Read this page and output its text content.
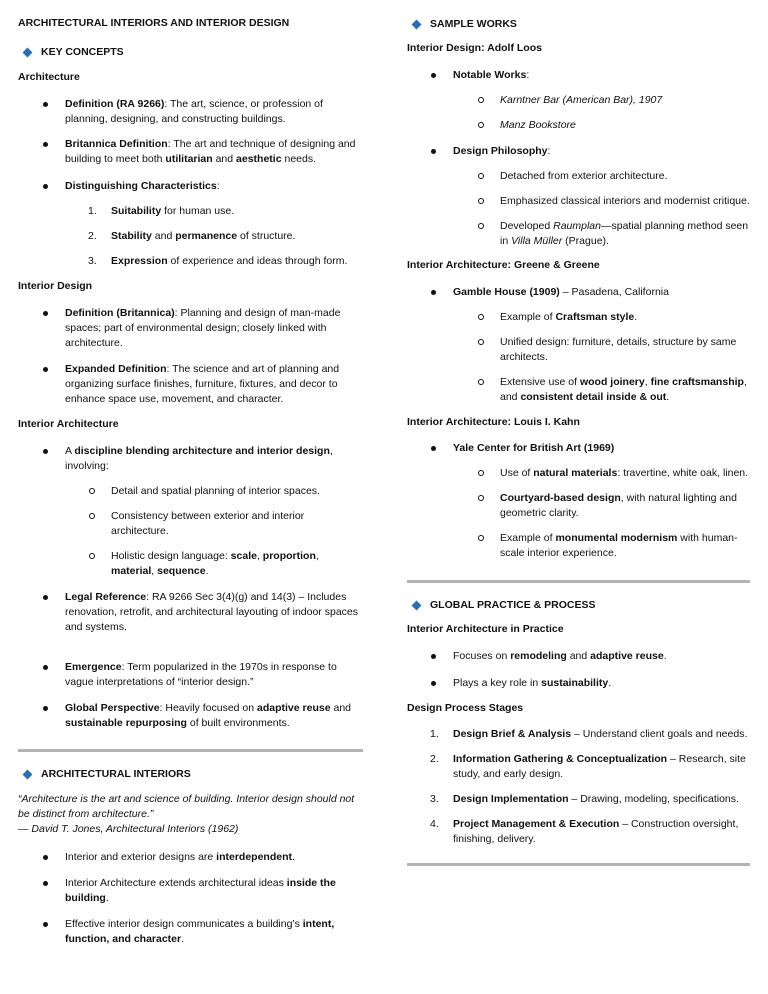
ARCHITECTURAL INTERIORS AND INTERIOR DESIGN
KEY CONCEPTS
Architecture
Definition (RA 9266): The art, science, or profession of planning, designing, and constructing buildings.
Britannica Definition: The art and technique of designing and building to meet both utilitarian and aesthetic needs.
Distinguishing Characteristics:
1. Suitability for human use.
2. Stability and permanence of structure.
3. Expression of experience and ideas through form.
Interior Design
Definition (Britannica): Planning and design of man-made spaces; part of environmental design; closely linked with architecture.
Expanded Definition: The science and art of planning and organizing surface finishes, furniture, fixtures, and decor to enhance space use, movement, and character.
Interior Architecture
A discipline blending architecture and interior design, involving:
Detail and spatial planning of interior spaces.
Consistency between exterior and interior architecture.
Holistic design language: scale, proportion, material, sequence.
Legal Reference: RA 9266 Sec 3(4)(g) and 14(3) – Includes renovation, retrofit, and architectural layouting of indoor spaces and systems.
Emergence: Term popularized in the 1970s in response to vague interpretations of “interior design.”
Global Perspective: Heavily focused on adaptive reuse and sustainable repurposing of built environments.
ARCHITECTURAL INTERIORS
“Architecture is the art and science of building. Interior design should not be distinct from architecture.”
— David T. Jones, Architectural Interiors (1962)
Interior and exterior designs are interdependent.
Interior Architecture extends architectural ideas inside the building.
Effective interior design communicates a building’s intent, function, and character.
SAMPLE WORKS
Interior Design: Adolf Loos
Notable Works:
Karntner Bar (American Bar), 1907
Manz Bookstore
Design Philosophy:
Detached from exterior architecture.
Emphasized classical interiors and modernist critique.
Developed Raumplan—spatial planning method seen in Villa Müller (Prague).
Interior Architecture: Greene & Greene
Gamble House (1909) – Pasadena, California
Example of Craftsman style.
Unified design: furniture, details, structure by same architects.
Extensive use of wood joinery, fine craftsmanship, and consistent detail inside & out.
Interior Architecture: Louis I. Kahn
Yale Center for British Art (1969)
Use of natural materials: travertine, white oak, linen.
Courtyard-based design, with natural lighting and geometric clarity.
Example of monumental modernism with human-scale interior experience.
GLOBAL PRACTICE & PROCESS
Interior Architecture in Practice
Focuses on remodeling and adaptive reuse.
Plays a key role in sustainability.
Design Process Stages
1. Design Brief & Analysis – Understand client goals and needs.
2. Information Gathering & Conceptualization – Research, site study, and early design.
3. Design Implementation – Drawing, modeling, specifications.
4. Project Management & Execution – Construction oversight, finishing, delivery.
